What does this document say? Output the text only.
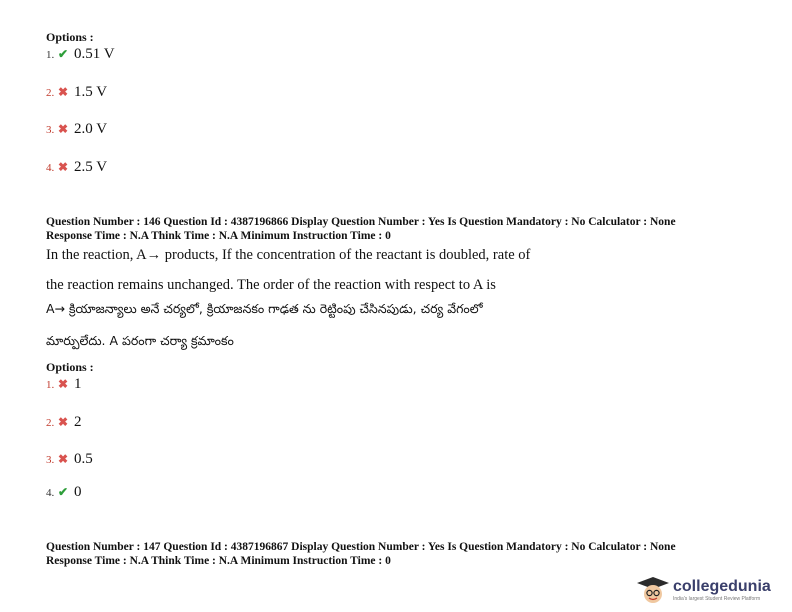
Options :
1. ✔ 0.51 V
2. ✖ 1.5 V
3. ✖ 2.0 V
4. ✖ 2.5 V
Question Number : 146 Question Id : 4387196866 Display Question Number : Yes Is Question Mandatory : No Calculator : None
Response Time : N.A Think Time : N.A Minimum Instruction Time : 0
In the reaction, A→ products, If the concentration of the reactant is doubled, rate of
the reaction remains unchanged. The order of the reaction with respect to A is
A→ క్రియాజన్యాలు అనే చర్యలో, క్రియాజనకం గాఢత ను రెట్టింపు చేసినపుడు, చర్య వేగంలో
మార్పులేదు. A పరంగా చర్యా క్రమాంకం
Options :
1. ✖ 1
2. ✖ 2
3. ✖ 0.5
4. ✔ 0
Question Number : 147 Question Id : 4387196867 Display Question Number : Yes Is Question Mandatory : No Calculator : None
Response Time : N.A Think Time : N.A Minimum Instruction Time : 0
collegedunia
India's largest Student Review Platform
